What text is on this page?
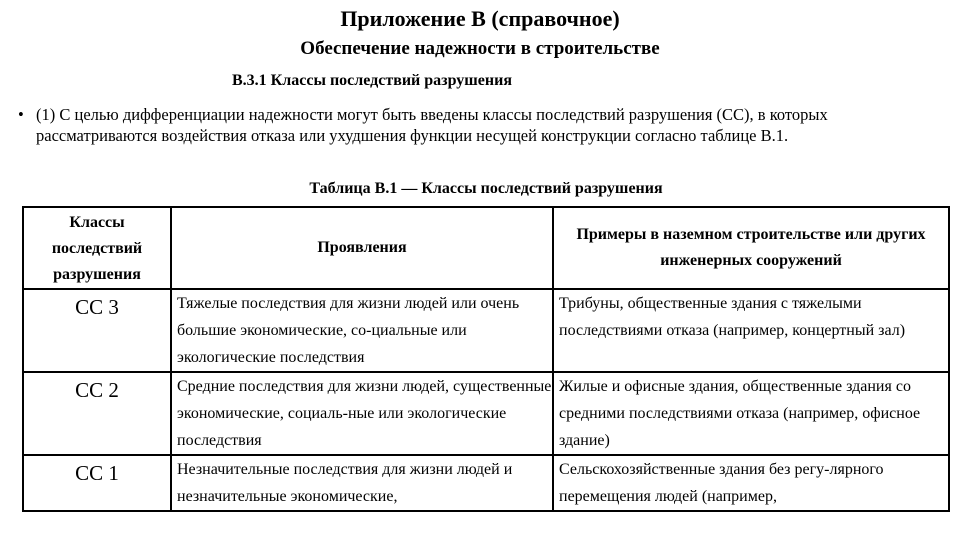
Приложение В (справочное)
Обеспечение надежности в строительстве
В.3.1 Классы последствий разрушения
• (1) С целью дифференциации надежности могут быть введены классы последствий разрушения (СС), в которых рассматриваются воздействия отказа или ухудшения функции несущей конструкции согласно таблице В.1.
Таблица В.1 — Классы последствий разрушения
Классы последствий разрушения	Проявления	Примеры в наземном строительстве или других инженерных сооружений
СС 3	Тяжелые последствия для жизни людей или очень большие экономические, со-циальные или экологические последствия	Трибуны, общественные здания с тяжелыми последствиями отказа (например, концертный зал)
СС 2	Средние последствия для жизни людей, существенные экономические, социаль-ные или экологические последствия	Жилые и офисные здания, общественные здания со средними последствиями отказа (например, офисное здание)
СС 1	Незначительные последствия для жизни людей и незначительные экономические,	Сельскохозяйственные здания без регу-лярного перемещения людей (например,
